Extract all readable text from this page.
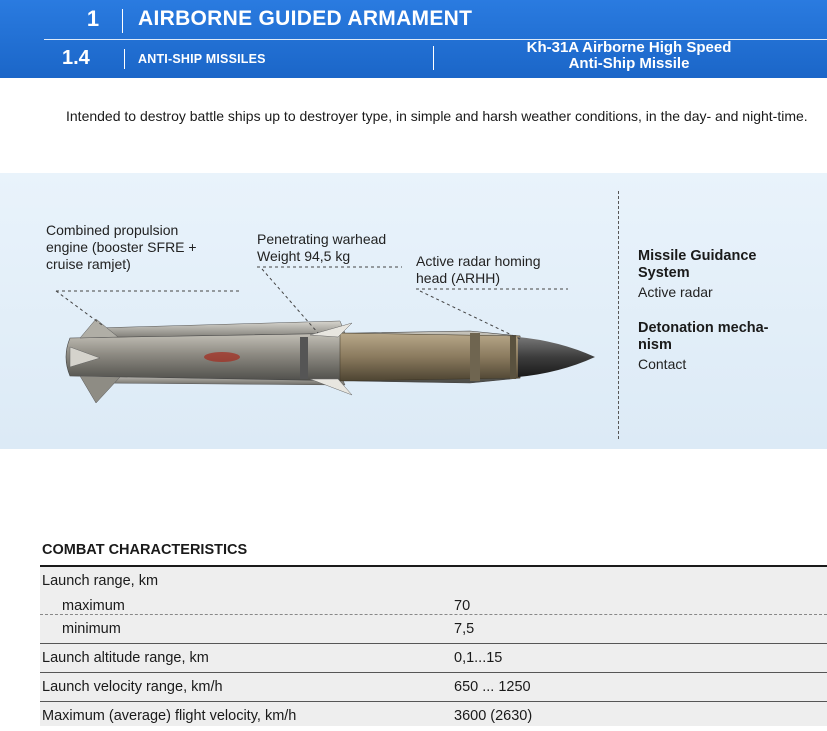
1	AIRBORNE GUIDED ARMAMENT
1.4	ANTI-SHIP MISSILES
Kh-31A Airborne High Speed
Anti-Ship Missile
Intended to destroy battle ships up to destroyer type, in simple and harsh weather conditions, in the day- and night-time.
Combined propulsion
engine (booster SFRE +
cruise ramjet)
Penetrating warhead
Weight 94,5 kg	Active radar homing
head (ARHH)
Missile Guidance
System
Active radar
Detonation mecha-
nism
Contact
COMBAT CHARACTERISTICS
Launch range, km
maximum	70
minimum	7,5
Launch altitude range, km	0,1...15
Launch velocity range, km/h	650 ... 1250
Maximum (average) flight velocity, km/h	3600 (2630)
